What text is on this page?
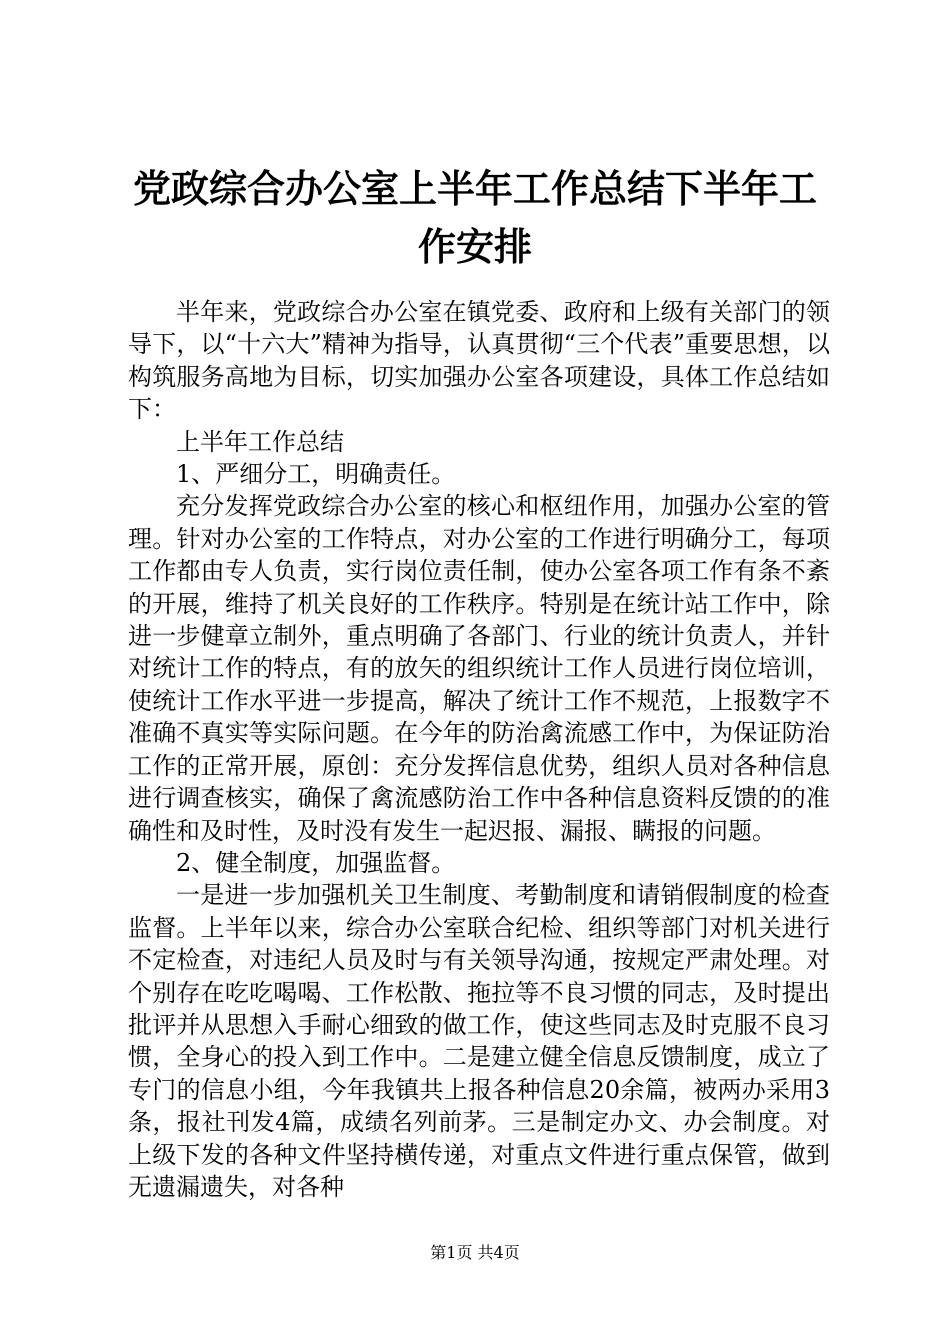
党政综合办公室上半年工作总结下半年工作安排

半年来，党政综合办公室在镇党委、政府和上级有关部门的领导下，以“十六大”精神为指导，认真贯彻“三个代表”重要思想，以构筑服务高地为目标，切实加强办公室各项建设，具体工作总结如下：

上半年工作总结

1、严细分工，明确责任。

充分发挥党政综合办公室的核心和枢纽作用，加强办公室的管理。针对办公室的工作特点，对办公室的工作进行明确分工，每项工作都由专人负责，实行岗位责任制，使办公室各项工作有条不紊的开展，维持了机关良好的工作秩序。特别是在统计站工作中，除进一步健章立制外，重点明确了各部门、行业的统计负责人，并针对统计工作的特点，有的放矢的组织统计工作人员进行岗位培训，使统计工作水平进一步提高，解决了统计工作不规范，上报数字不准确不真实等实际问题。在今年的防治禽流感工作中，为保证防治工作的正常开展，原创：充分发挥信息优势，组织人员对各种信息进行调查核实，确保了禽流感防治工作中各种信息资料反馈的的准确性和及时性，及时没有发生一起迟报、漏报、瞒报的问题。

2、健全制度，加强监督。

一是进一步加强机关卫生制度、考勤制度和请销假制度的检查监督。上半年以来，综合办公室联合纪检、组织等部门对机关进行不定检查，对违纪人员及时与有关领导沟通，按规定严肃处理。对个别存在吃吃喝喝、工作松散、拖拉等不良习惯的同志，及时提出批评并从思想入手耐心细致的做工作，使这些同志及时克服不良习惯，全身心的投入到工作中。二是建立健全信息反馈制度，成立了专门的信息小组，今年我镇共上报各种信息20余篇，被两办采用3条，报社刊发4篇，成绩名列前茅。三是制定办文、办会制度。对上级下发的各种文件坚持横传递，对重点文件进行重点保管，做到无遗漏遗失，对各种

第1页 共4页
